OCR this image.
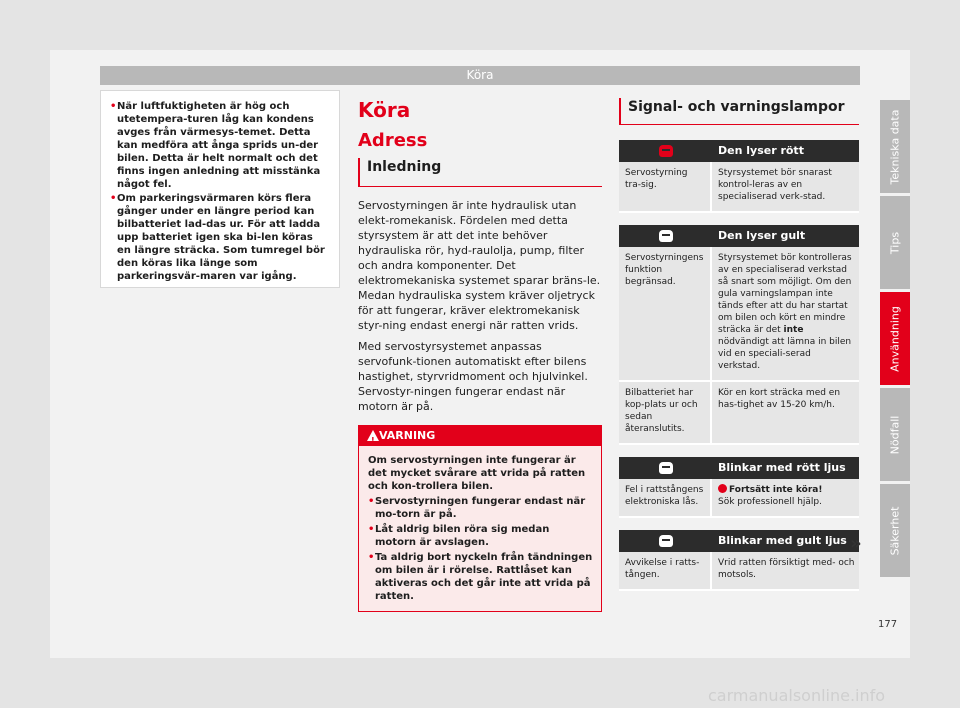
Köra

• När luftfuktigheten är hög och utetempera-turen låg kan kondens avges från värmesys-temet. Detta kan medföra att ånga sprids un-der bilen. Detta är helt normalt och det finns ingen anledning att misstänka något fel.

• Om parkeringsvärmaren körs flera gånger under en längre period kan bilbatteriet lad-das ur. För att ladda upp batteriet igen ska bi-len köras en längre sträcka. Som tumregel bör den köras lika länge som parkeringsvär-maren var igång.

Köra
Adress
Inledning

Servostyrningen är inte hydraulisk utan elekt-romekanisk. Fördelen med detta styrsystem är att det inte behöver hydrauliska rör, hyd-raulolja, pump, filter och andra komponenter. Det elektromekaniska systemet sparar bräns-le. Medan hydrauliska system kräver oljetryck för att fungerar, kräver elektromekanisk styr-ning endast energi när ratten vrids.

Med servostyrsystemet anpassas servofunk-tionen automatiskt efter bilens hastighet, styrvridmoment och hjulvinkel. Servostyr-ningen fungerar endast när motorn är på.

!
VARNING

Om servostyrningen inte fungerar är det mycket svårare att vrida på ratten och kon-trollera bilen.

• Servostyrningen fungerar endast när mo-torn är på.

• Låt aldrig bilen röra sig medan motorn är avslagen.

• Ta aldrig bort nyckeln från tändningen om bilen är i rörelse. Rattlåset kan aktiveras och det går inte att vrida på ratten.

Signal- och varningslampor
Den lyser rött
Servostyrning tra-sig.
Styrsystemet bör snarast kontrol-leras av en specialiserad verk-stad.
Den lyser gult
Servostyrningens funktion begränsad.
Styrsystemet bör kontrolleras av en specialiserad verkstad så snart som möjligt. Om den gula varningslampan inte tänds efter att du har startat om bilen och kört en mindre sträcka är det inte nödvändigt att lämna in bilen vid en speciali-serad verkstad.
Bilbatteriet har kop-plats ur och sedan återanslutits.
Kör en kort sträcka med en has-tighet av 15-20 km/h.
Blinkar med rött ljus
Fel i rattstångens elektroniska lås.
Fortsätt inte köra!
Sök professionell hjälp.
Blinkar med gult ljus
Avvikelse i ratts-tången.
Vrid ratten försiktigt med- och motsols.
»
Tekniska data
Tips
Användning
Nödfall
Säkerhet
177
carmanualsonline.info
